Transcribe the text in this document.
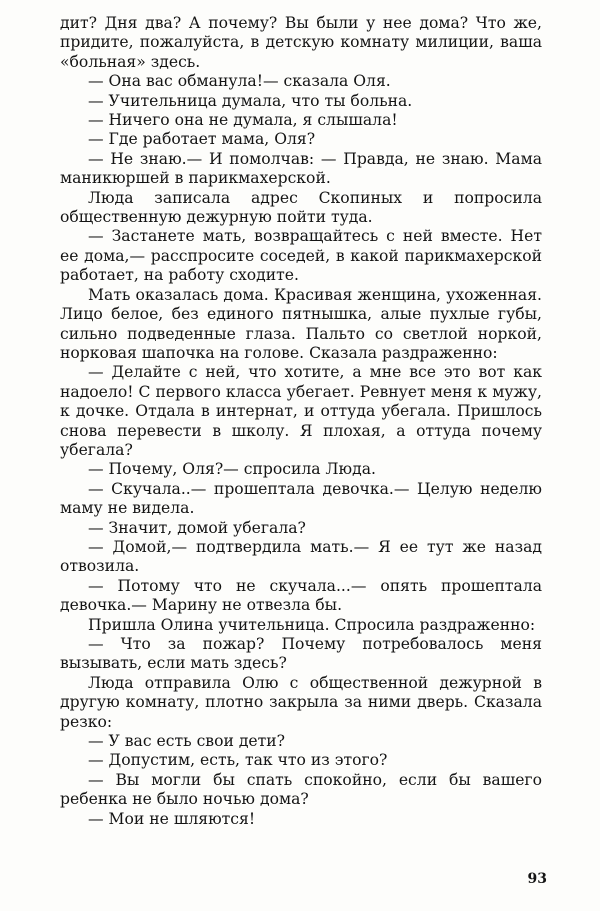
дит? Дня два? А почему? Вы были у нее дома? Что же, придите, пожалуйста, в детскую комнату милиции, ваша «больная» здесь.

— Она вас обманула!— сказала Оля.

— Учительница думала, что ты больна.

— Ничего она не думала, я слышала!

— Где работает мама, Оля?

— Не знаю.— И помолчав: — Правда, не знаю. Мама маникюршей в парикмахерской.

Люда записала адрес Скопиных и попросила общественную дежурную пойти туда.

— Застанете мать, возвращайтесь с ней вместе. Нет ее дома,— расспросите соседей, в какой парикмахерской работает, на работу сходите.

Мать оказалась дома. Красивая женщина, ухоженная. Лицо белое, без единого пятнышка, алые пухлые губы, сильно подведенные глаза. Пальто со светлой норкой, норковая шапочка на голове. Сказала раздраженно:

— Делайте с ней, что хотите, а мне все это вот как надоело! С первого класса убегает. Ревнует меня к мужу, к дочке. Отдала в интернат, и оттуда убегала. Пришлось снова перевести в школу. Я плохая, а оттуда почему убегала?

— Почему, Оля?— спросила Люда.

— Скучала..— прошептала девочка.— Целую неделю маму не видела.

— Значит, домой убегала?

— Домой,— подтвердила мать.— Я ее тут же назад отвозила.

— Потому что не скучала...— опять прошептала девочка.— Марину не отвезла бы.

Пришла Олина учительница. Спросила раздраженно:

— Что за пожар? Почему потребовалось меня вызывать, если мать здесь?

Люда отправила Олю с общественной дежурной в другую комнату, плотно закрыла за ними дверь. Сказала резко:

— У вас есть свои дети?

— Допустим, есть, так что из этого?

— Вы могли бы спать спокойно, если бы вашего ребенка не было ночью дома?

— Мои не шляются!

93
